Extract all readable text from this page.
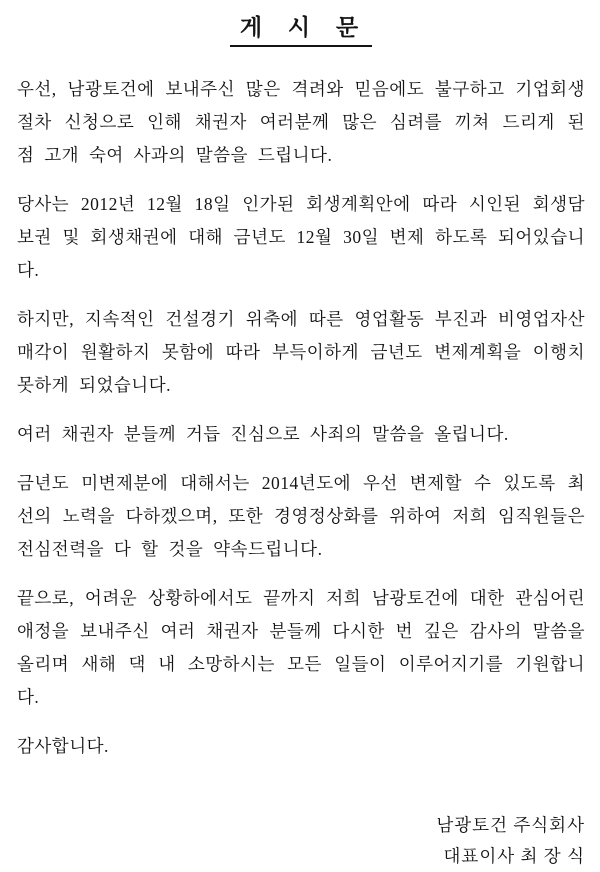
게 시 문

우선, 남광토건에 보내주신 많은 격려와 믿음에도 불구하고 기업회생 절차 신청으로 인해 채권자 여러분께 많은 심려를 끼쳐 드리게 된 점 고개 숙여 사과의 말씀을 드립니다.

당사는 2012년 12월 18일 인가된 회생계획안에 따라 시인된 회생담보권 및 회생채권에 대해 금년도 12월 30일 변제 하도록 되어있습니다.

하지만, 지속적인 건설경기 위축에 따른 영업활동 부진과 비영업자산 매각이 원활하지 못함에 따라 부득이하게 금년도 변제계획을 이행치 못하게 되었습니다.

여러 채권자 분들께 거듭 진심으로 사죄의 말씀을 올립니다.

금년도 미변제분에 대해서는 2014년도에 우선 변제할 수 있도록 최선의 노력을 다하겠으며, 또한 경영정상화를 위하여 저희 임직원들은 전심전력을 다 할 것을 약속드립니다.

끝으로, 어려운 상황하에서도 끝까지 저희 남광토건에 대한 관심어린 애정을 보내주신 여러 채권자 분들께 다시한 번 깊은 감사의 말씀을 올리며 새해 댁 내 소망하시는 모든 일들이 이루어지기를 기원합니다.

감사합니다.

남광토건 주식회사
대표이사 최 장 식
